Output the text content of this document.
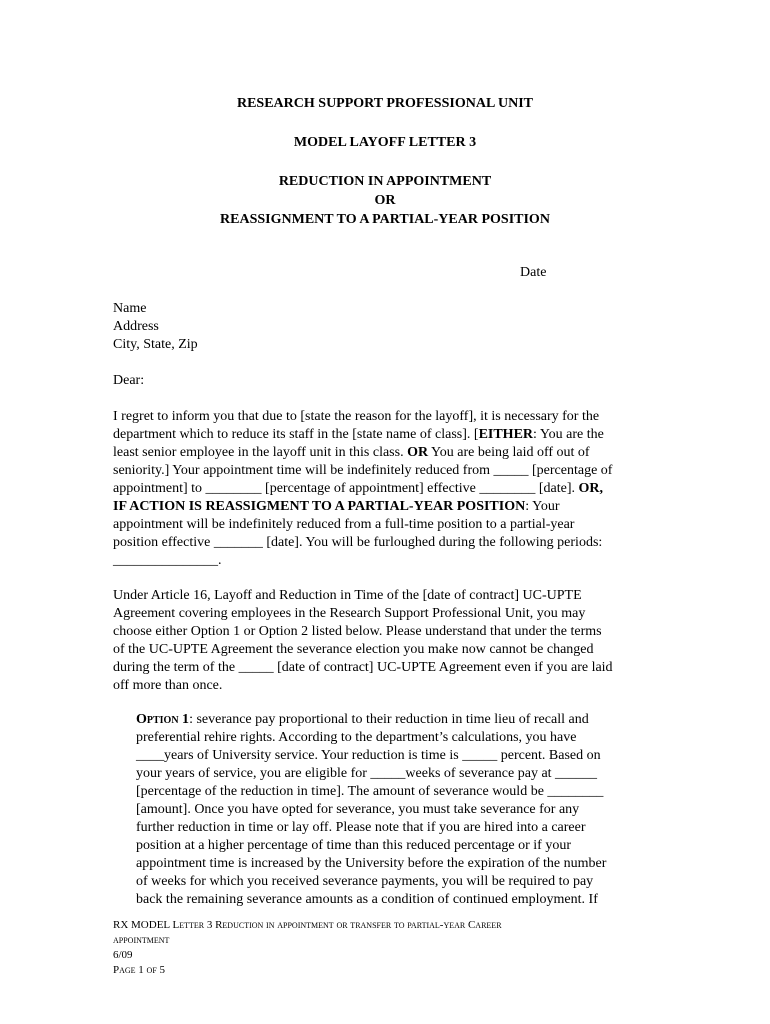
RESEARCH SUPPORT PROFESSIONAL UNIT
MODEL LAYOFF LETTER 3
REDUCTION IN APPOINTMENT
OR
REASSIGNMENT TO A PARTIAL-YEAR POSITION
Date
Name
Address
City, State, Zip
Dear:
I regret to inform you that due to [state the reason for the layoff], it is necessary for the
department which to reduce its staff in the [state name of class]. [EITHER: You are the
least senior employee in the layoff unit in this class. OR You are being laid off out of
seniority.] Your appointment time will be indefinitely reduced from _____ [percentage of
appointment] to ________ [percentage of appointment] effective ________ [date]. OR,
IF ACTION IS REASSIGMENT TO A PARTIAL-YEAR POSITION: Your
appointment will be indefinitely reduced from a full-time position to a partial-year
position effective _______ [date]. You will be furloughed during the following periods:
_______________.
Under Article 16, Layoff and Reduction in Time of the [date of contract] UC-UPTE
Agreement covering employees in the Research Support Professional Unit, you may
choose either Option 1 or Option 2 listed below. Please understand that under the terms
of the UC-UPTE Agreement the severance election you make now cannot be changed
during the term of the _____ [date of contract] UC-UPTE Agreement even if you are laid
off more than once.
Option 1: severance pay proportional to their reduction in time lieu of recall and
preferential rehire rights. According to the department’s calculations, you have
____years of University service. Your reduction is time is _____ percent. Based on
your years of service, you are eligible for _____weeks of severance pay at ______
[percentage of the reduction in time]. The amount of severance would be ________
[amount]. Once you have opted for severance, you must take severance for any
further reduction in time or lay off. Please note that if you are hired into a career
position at a higher percentage of time than this reduced percentage or if your
appointment time is increased by the University before the expiration of the number
of weeks for which you received severance payments, you will be required to pay
back the remaining severance amounts as a condition of continued employment. If
RX MODEL Letter 3 Reduction in appointment or transfer to partial-year Career
appointment
6/09
Page 1 of 5
